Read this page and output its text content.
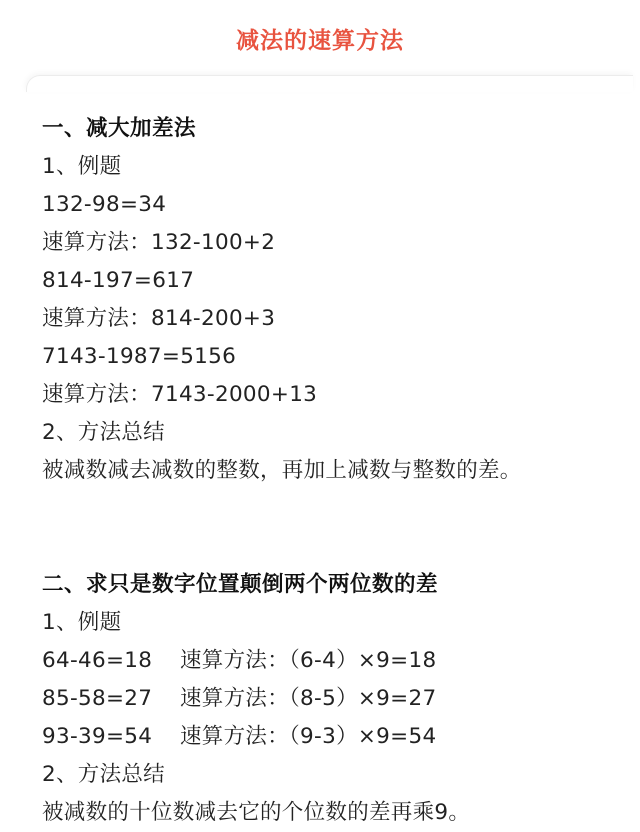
减法的速算方法
一、减大加差法
1、例题
132-98=34
速算方法：132-100+2
814-197=617
速算方法：814-200+3
7143-1987=5156
速算方法：7143-2000+13
2、方法总结
被减数减去减数的整数，再加上减数与整数的差。
二、求只是数字位置颠倒两个两位数的差
1、例题
64-46=18 速算方法：（6-4）×9=18
85-58=27 速算方法：（8-5）×9=27
93-39=54 速算方法：（9-3）×9=54
2、方法总结
被减数的十位数减去它的个位数的差再乘9。
